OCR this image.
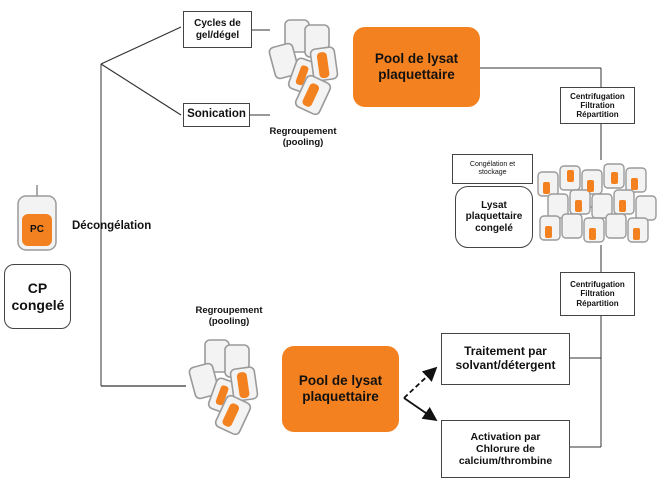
PC
CP congelé
Décongélation
Cycles de gel/dégel
Sonication
Regroupement (pooling)
Pool de lysat plaquettaire
Centrifugation Filtration Répartition
Congélation et stockage
Lysat plaquettaire congelé
Centrifugation Filtration Répartition
Regroupement (pooling)
Pool de lysat plaquettaire
Traitement par solvant/détergent
Activation par Chlorure de calcium/thrombine
